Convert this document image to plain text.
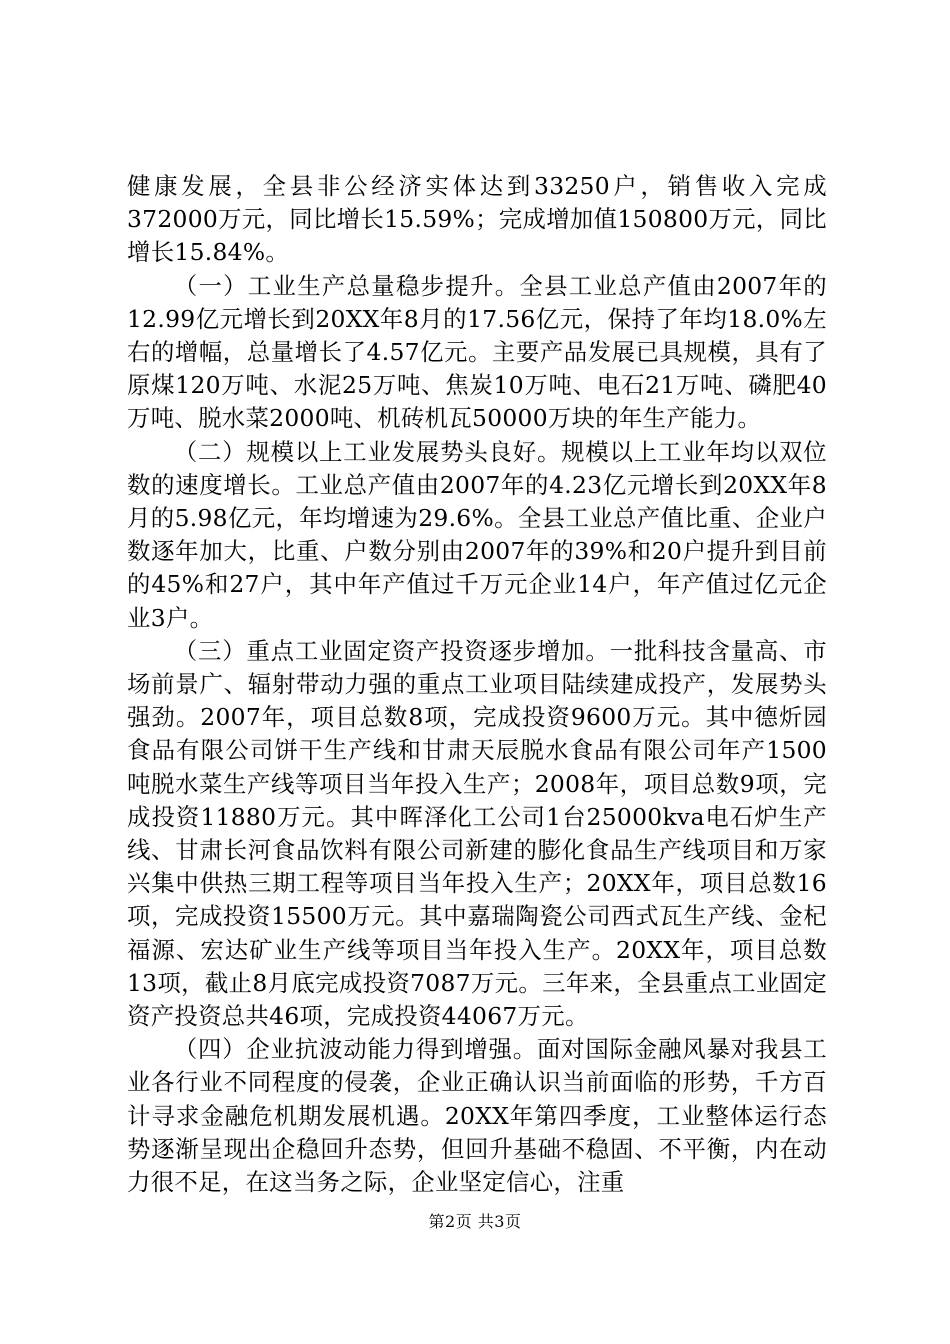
健康发展，全县非公经济实体达到33250户，销售收入完成372000万元，同比增长15.59%；完成增加值150800万元，同比增长15.84%。

（一）工业生产总量稳步提升。全县工业总产值由2007年的12.99亿元增长到20XX年8月的17.56亿元，保持了年均18.0%左右的增幅，总量增长了4.57亿元。主要产品发展已具规模，具有了原煤120万吨、水泥25万吨、焦炭10万吨、电石21万吨、磷肥40万吨、脱水菜2000吨、机砖机瓦50000万块的年生产能力。

（二）规模以上工业发展势头良好。规模以上工业年均以双位数的速度增长。工业总产值由2007年的4.23亿元增长到20XX年8月的5.98亿元，年均增速为29.6%。全县工业总产值比重、企业户数逐年加大，比重、户数分别由2007年的39%和20户提升到目前的45%和27户，其中年产值过千万元企业14户，年产值过亿元企业3户。

（三）重点工业固定资产投资逐步增加。一批科技含量高、市场前景广、辐射带动力强的重点工业项目陆续建成投产，发展势头强劲。2007年，项目总数8项，完成投资9600万元。其中德炘园食品有限公司饼干生产线和甘肃天辰脱水食品有限公司年产1500吨脱水菜生产线等项目当年投入生产；2008年，项目总数9项，完成投资11880万元。其中晖泽化工公司1台25000kva电石炉生产线、甘肃长河食品饮料有限公司新建的膨化食品生产线项目和万家兴集中供热三期工程等项目当年投入生产；20XX年，项目总数16项，完成投资15500万元。其中嘉瑞陶瓷公司西式瓦生产线、金杞福源、宏达矿业生产线等项目当年投入生产。20XX年，项目总数13项，截止8月底完成投资7087万元。三年来，全县重点工业固定资产投资总共46项，完成投资44067万元。

（四）企业抗波动能力得到增强。面对国际金融风暴对我县工业各行业不同程度的侵袭，企业正确认识当前面临的形势，千方百计寻求金融危机期发展机遇。20XX年第四季度，工业整体运行态势逐渐呈现出企稳回升态势，但回升基础不稳固、不平衡，内在动力很不足，在这当务之际，企业坚定信心，注重

第2页 共3页
